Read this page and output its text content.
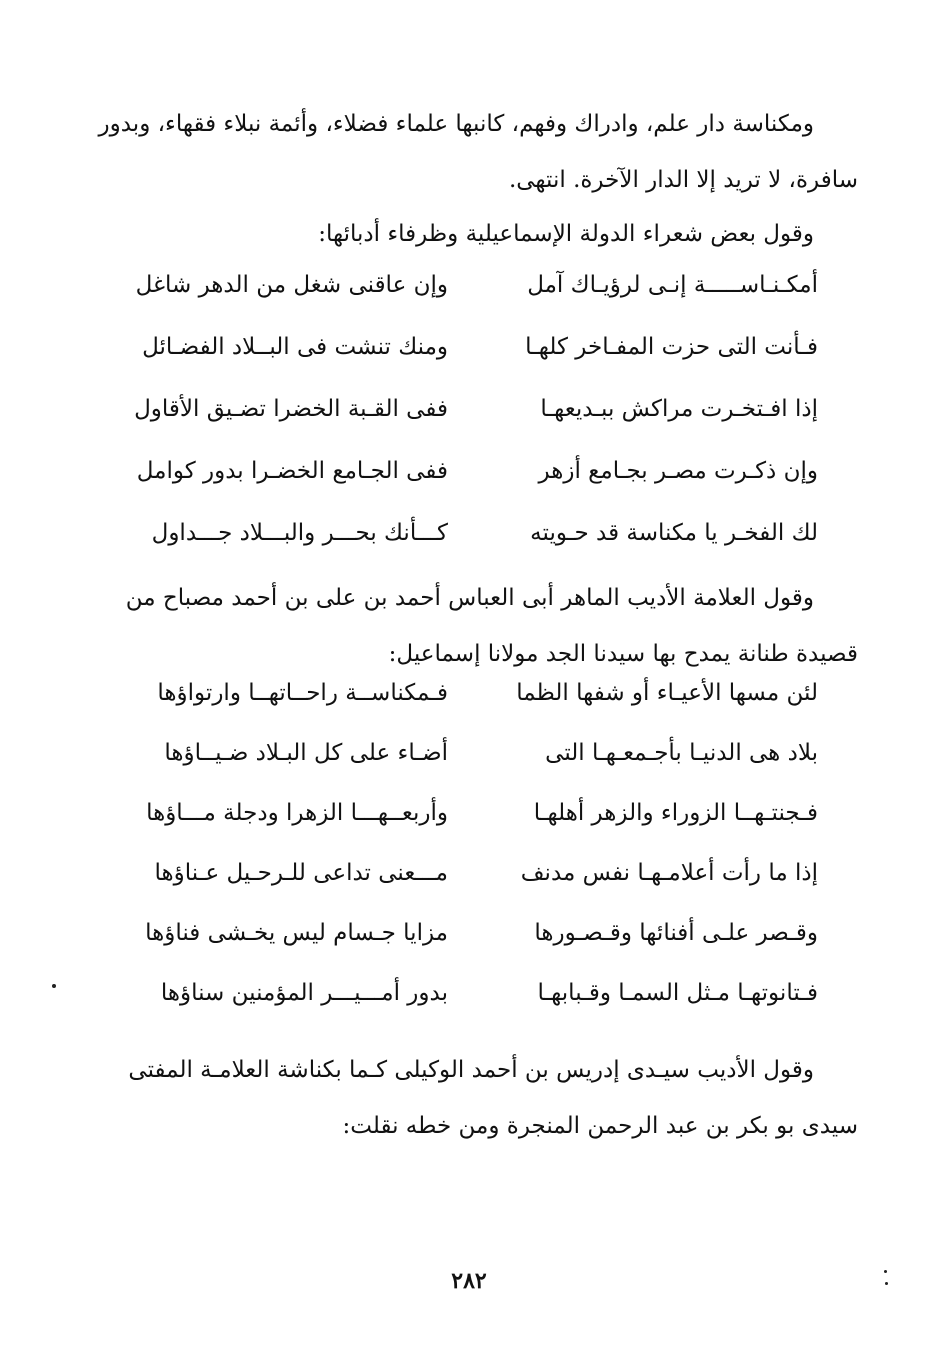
ومكناسة دار علم، وادراك وفهم، كانبها علماء فضلاء، وأئمة نبلاء فقهاء، وبدور
سافرة، لا تريد إلا الدار الآخرة. انتهى.
وقول بعض شعراء الدولة الإسماعيلية وظرفاء أدبائها:
أمكـنـاســـــة إنـى لرؤيـاك آمل
وإن عاقنى شغل من الدهر شاغل
فـأنت التى حزت المفـاخر كلهـا
ومنك تنشت فى البــلاد الفضـائل
إذا افـتخـرت مراكش ببـديعهـا
ففى القـبة الخضرا تضـيق الأقاول
وإن ذكـرت مصـر بجـامع أزهر
ففى الجـامع الخضـرا بدور كوامل
لك الفخـر يا مكناسة قد حـويته
كـــأنك بحـــر والبـــلاد جـــداول
وقول العلامة الأديب الماهر أبى العباس أحمد بن على بن أحمد مصباح من
قصيدة طنانة يمدح بها سيدنا الجد مولانا إسماعيل:
لئن مسها الأعيـاء أو شفها الظما
فـمكناســة راحــاتهــا وارتواؤها
بلاد هى الدنيـا بأجـمعـهـا التى
أضـاء على كل البـلاد ضـيــاؤها
فـجنتـهــا الزوراء والزهر أهلهـا
وأربعــهـــا الزهرا ودجلة مـــاؤها
إذا ما رأت أعلامـهـا نفس مدنف
مـــعنى تداعى للـرحـيل عـناؤها
وقـصر علـى أفنائها وقـصـورها
مزايا جـسام ليس يخـشى فناؤها
فـتانوتهـا مـثل السمـا وقـبابهـا
بدور أمـــيـــر المؤمنين سناؤها
وقول الأديب سيـدى إدريس بن أحمد الوكيلى كـما بكناشة العلامـة المفتى
سيدى بو بكر بن عبد الرحمن المنجرة ومن خطه نقلت:
٢٨٢
